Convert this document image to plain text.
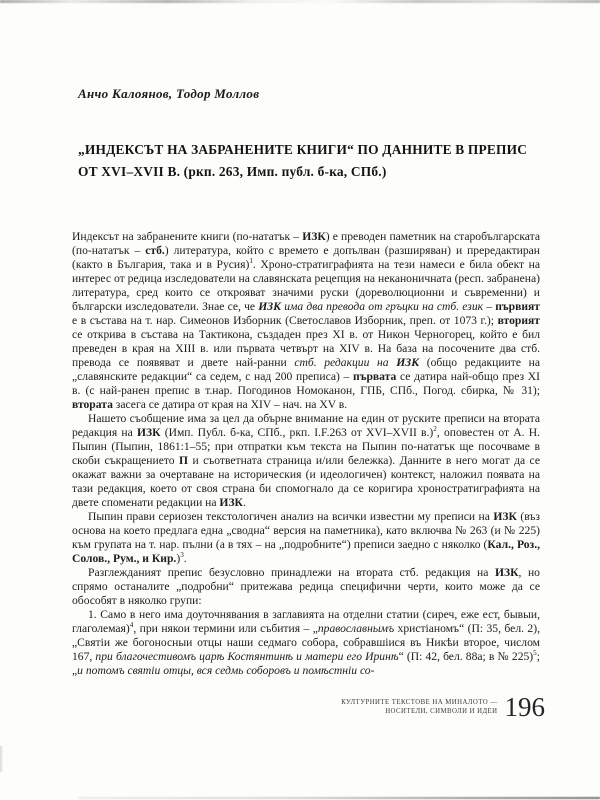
Анчо Калоянов, Тодор Моллов
„ИНДЕКСЪТ НА ЗАБРАНЕНИТЕ КНИГИ“ ПО ДАННИТЕ В ПРЕПИС
ОТ XVI–XVII В. (ркп. 263, Имп. публ. б-ка, СПб.)

Индексът на забранените книги (по-нататък – ИЗК) е преводен паметник на старобългарската (по-нататък – стб.) литература, който с времето е допълван (разширяван) и прередактиран (както в България, така и в Русия)$^1$. Хроно-стратиграфията на тези намеси е била обект на интерес от редица изследователи на славянската рецепция на неканоничната (респ. забранена) литература, сред които се открояват значими руски (дореволюционни и съвременни) и български изследователи. Знае се, че ИЗК има два превода от гръцки на стб. език – първият е в състава на т. нар. Симеонов Изборник (Светославов Изборник, преп. от 1073 г.); вторият се открива в състава на Тактикона, създаден през XI в. от Никон Черногорец, който е бил преведен в края на XIII в. или първата четвърт на XIV в. На база на посочените два стб. превода се появяват и двете най-ранни стб. редакции на ИЗК (общо редакциите на „славянските редакции“ са седем, с над 200 преписа) – първата се датира най-общо през XI в. (с най-ранен препис в т.нар. Погодинов Номоканон, ГПБ, СПб., Погод. сбирка, № 31); втората засега се датира от края на XIV – нач. на XV в.

Нашето съобщение има за цел да обърне внимание на един от руските преписи на втората редакция на ИЗК (Имп. Публ. б-ка, СПб., ркп. I.F.263 от XVI–XVII в.)$^2$, оповестен от А. Н. Пыпин (Пыпин, 1861:1–55; при отпратки към текста на Пыпин по-нататък ще посочваме в скоби съкращението П и съответната страница и/или бележка). Данните в него могат да се окажат важни за очертаване на историческия (и идеологичен) контекст, наложил появата на тази редакция, което от своя страна би спомогнало да се коригира хроностратиграфията на двете споменати редакции на ИЗК.

Пыпин прави сериозен текстологичен анализ на всички известни му преписи на ИЗК (въз основа на което предлага една „сводна“ версия на паметника), като включва № 263 (и № 225) към групата на т. нар. пълни (а в тях – на „подробните“) преписи заедно с няколко (Кал., Роз., Солов., Рум., и Кир.)$^3$.

Разглежданият препис безусловно принадлежи на втората стб. редакция на ИЗК, но спрямо останалите „подробни“ притежава редица специфични черти, които може да се обособят в няколко групи:

1. Само в него има доуточнявания в заглавията на отделни статии (сиреч, еже ест, бывыи, глаголемая)$^4$, при някои термини или събития – „православнымъ христіаномъ“ (П: 35, бел. 2), „Святіи же богоносныи отцы наши седмаго собора, собравшіися въ Никѣи второе, числом 167, при благочестивомъ царѣ Костянтинѣ и матери его Иринѣ“ (П: 42, бел. 88а; в № 225)$^5$; „и потомъ святіи отцы, вся седмь соборовъ и помѣстніи со-

КУЛТУРНИТЕ ТЕКСТОВЕ НА МИНАЛОТО —
НОСИТЕЛИ, СИМВОЛИ И ИДЕИ 196
